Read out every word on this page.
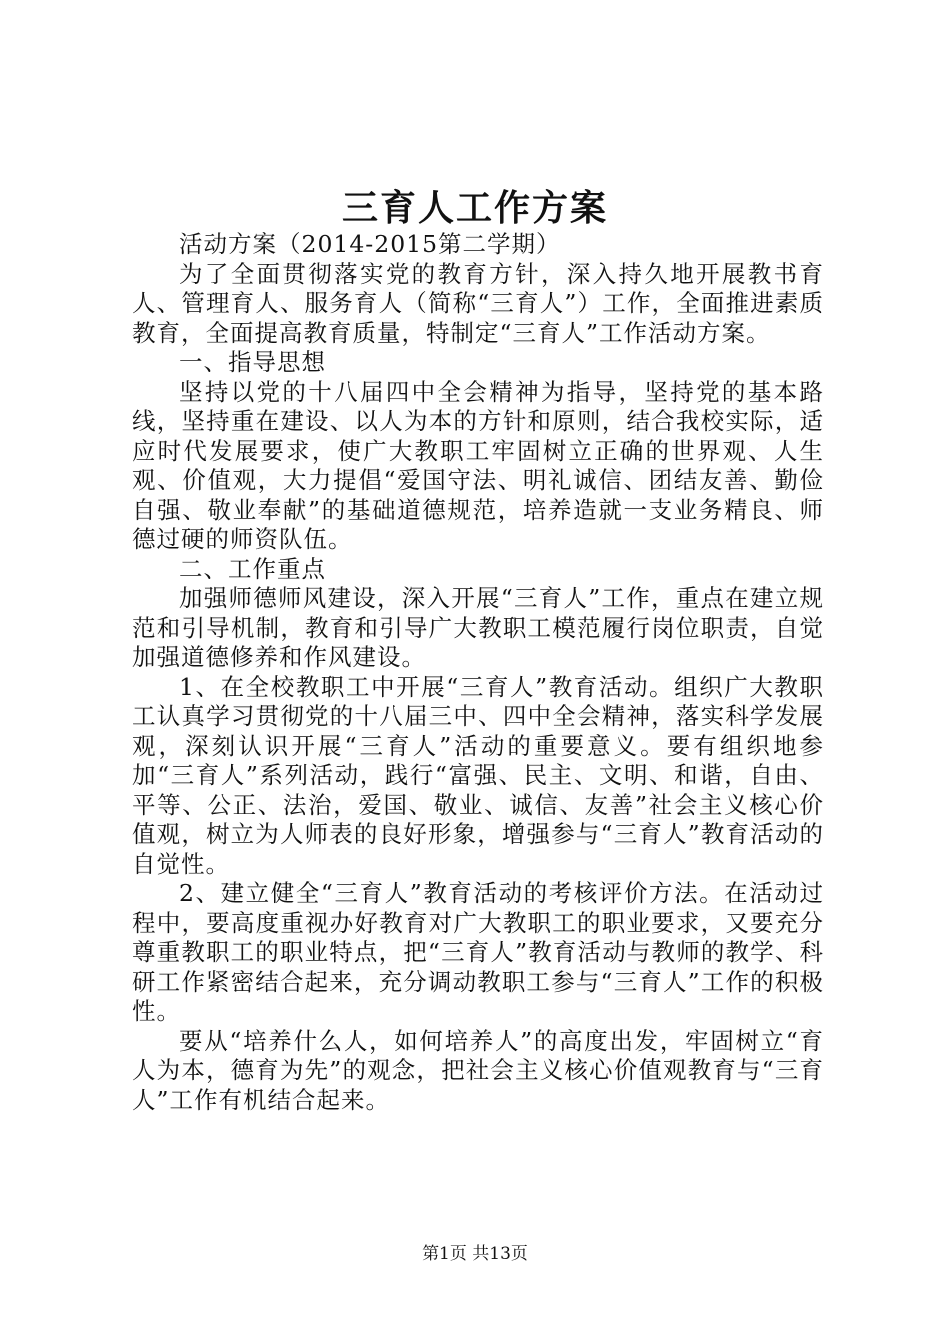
三育人工作方案

活动方案（2014-2015第二学期）

为了全面贯彻落实党的教育方针，深入持久地开展教书育人、管理育人、服务育人（简称“三育人”）工作，全面推进素质教育，全面提高教育质量，特制定“三育人”工作活动方案。

一、指导思想

坚持以党的十八届四中全会精神为指导，坚持党的基本路线，坚持重在建设、以人为本的方针和原则，结合我校实际，适应时代发展要求，使广大教职工牢固树立正确的世界观、人生观、价值观，大力提倡“爱国守法、明礼诚信、团结友善、勤俭自强、敬业奉献”的基础道德规范，培养造就一支业务精良、师德过硬的师资队伍。

二、工作重点

加强师德师风建设，深入开展“三育人”工作，重点在建立规范和引导机制，教育和引导广大教职工模范履行岗位职责，自觉加强道德修养和作风建设。

1、在全校教职工中开展“三育人”教育活动。组织广大教职工认真学习贯彻党的十八届三中、四中全会精神，落实科学发展观，深刻认识开展“三育人”活动的重要意义。要有组织地参加“三育人”系列活动，践行“富强、民主、文明、和谐，自由、平等、公正、法治，爱国、敬业、诚信、友善”社会主义核心价值观，树立为人师表的良好形象，增强参与“三育人”教育活动的自觉性。

2、建立健全“三育人”教育活动的考核评价方法。在活动过程中，要高度重视办好教育对广大教职工的职业要求，又要充分尊重教职工的职业特点，把“三育人”教育活动与教师的教学、科研工作紧密结合起来，充分调动教职工参与“三育人”工作的积极性。

要从“培养什么人，如何培养人”的高度出发，牢固树立“育人为本，德育为先”的观念，把社会主义核心价值观教育与“三育人”工作有机结合起来。

第1页 共13页
